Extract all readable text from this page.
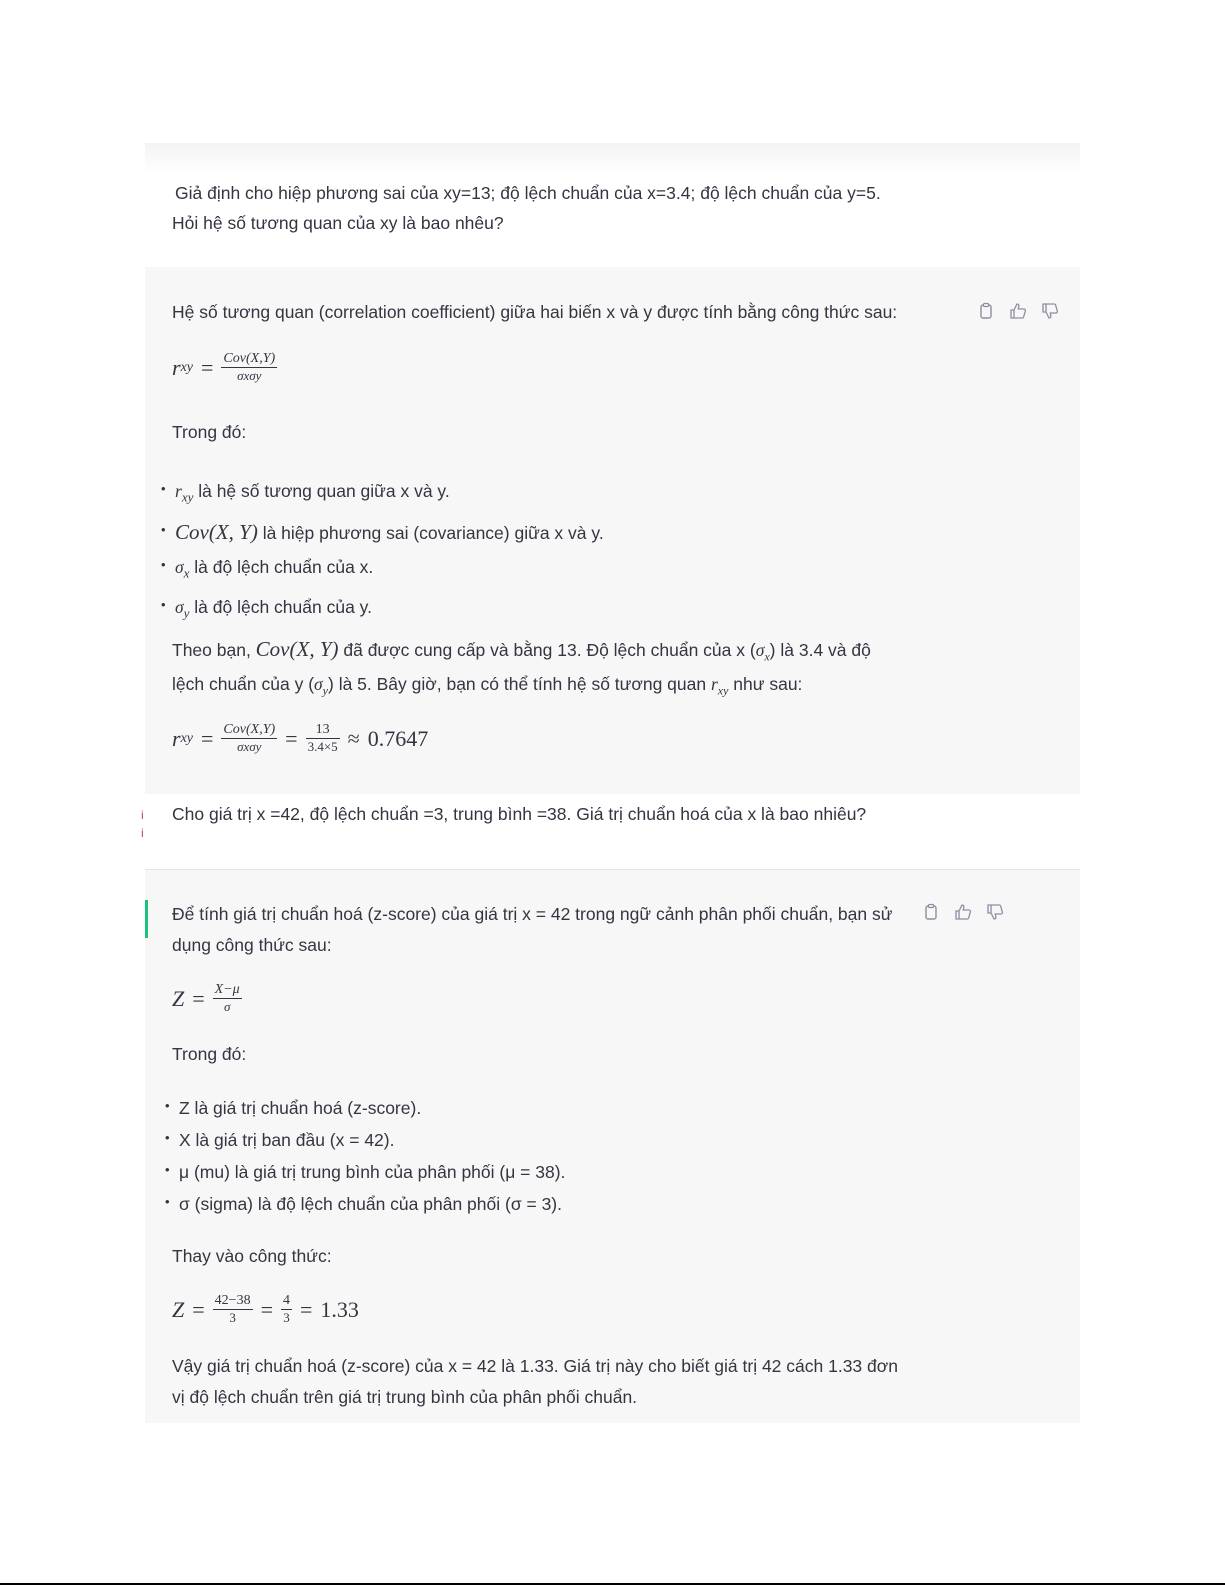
Giả định cho hiệp phương sai của xy=13; độ lệch chuẩn của x=3.4; độ lệch chuẩn của y=5.
Hỏi hệ số tương quan của xy là bao nhêu?
Hệ số tương quan (correlation coefficient) giữa hai biến x và y được tính bằng công thức sau:
r xy = $\frac{\text{Cov(X,Y)}}{\text{σxσy}}$
Trong đó:
• $r_{xy}$ là hệ số tương quan giữa x và y.
• Cov(X, Y) là hiệp phương sai (covariance) giữa x và y.
• $\sigma_x$ là độ lệch chuẩn của x.
• $\sigma_y$ là độ lệch chuẩn của y.
Theo bạn, Cov(X, Y) đã được cung cấp và bằng 13. Độ lệch chuẩn của x $(\sigma_x)$ là 3.4 và độ
lệch chuẩn của y $(\sigma_y)$ là 5. Bây giờ, bạn có thể tính hệ số tương quan $r_{xy}$ như sau:
r xy = $\frac{\text{Cov(X,Y)}}{\text{σxσy}} = \frac{13}{3.4\times 5} \approx 0.7647$
Cho giá trị x =42, độ lệch chuẩn =3, trung bình =38. Giá trị chuẩn hoá của x là bao nhiêu?
i
i
Để tính giá trị chuẩn hoá (z-score) của giá trị x = 42 trong ngữ cảnh phân phối chuẩn, bạn sử
dụng công thức sau:
$Z = \frac{X-\mu}{\sigma}$
Trong đó:
• Z là giá trị chuẩn hoá (z-score).
• X là giá trị ban đầu (x = 42).
• μ (mu) là giá trị trung bình của phân phối (μ = 38).
• σ (sigma) là độ lệch chuẩn của phân phối (σ = 3).
Thay vào công thức:
$Z = \frac{42-38}{3} = \frac{4}{3} = 1.33$
Vậy giá trị chuẩn hoá (z-score) của x = 42 là 1.33. Giá trị này cho biết giá trị 42 cách 1.33 đơn
vị độ lệch chuẩn trên giá trị trung bình của phân phối chuẩn.
